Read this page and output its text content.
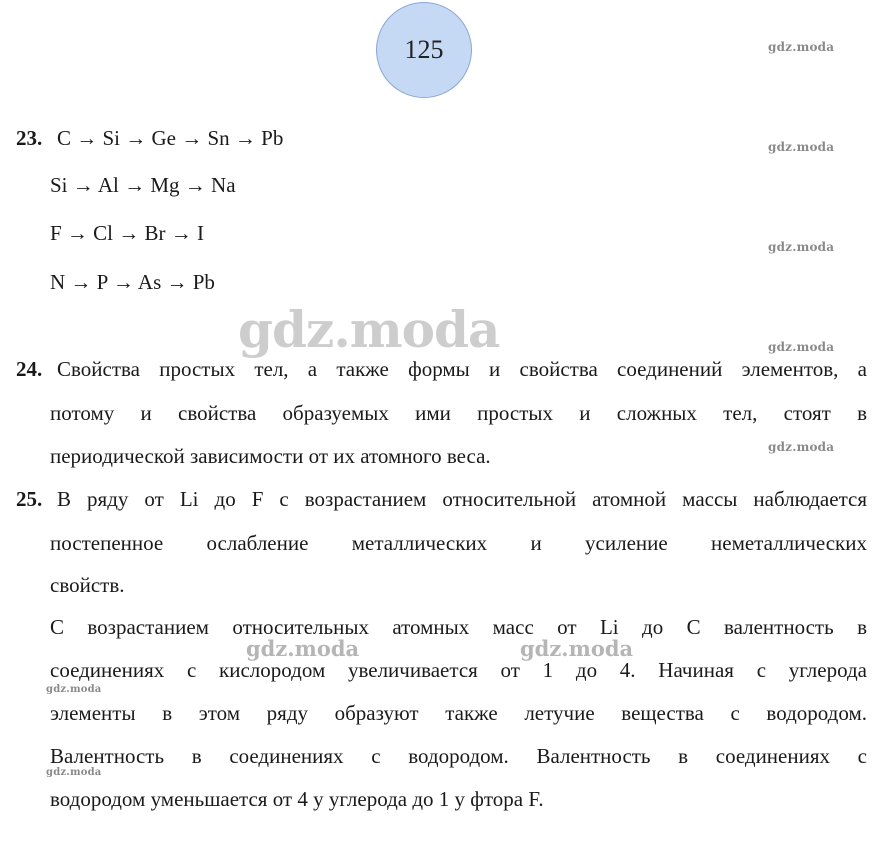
125	gdz.moda
gdz.moda
gdz.moda
gdz.moda
gdz.moda
gdz.moda
gdz.moda
gdz.moda
gdz.moda	gdz.moda
23. C → Si → Ge → Sn → Pb
Si → Al → Mg → Na
F → Cl → Br → I
N → P → As → Pb
24. Свойства простых тел, а также формы и свойства соединений элементов, а
потому и свойства образуемых ими простых и сложных тел, стоят в
периодической зависимости от их атомного веса.
25. В ряду от Li до F с возрастанием относительной атомной массы наблюдается
постепенное ослабление металлических и усиление неметаллических
свойств.
С возрастанием относительных атомных масс от Li до C валентность в
соединениях с кислородом увеличивается от 1 до 4. Начиная с углерода
элементы в этом ряду образуют также летучие вещества с водородом.
Валентность в соединениях с водородом. Валентность в соединениях с
водородом уменьшается от 4 у углерода до 1 у фтора F.
